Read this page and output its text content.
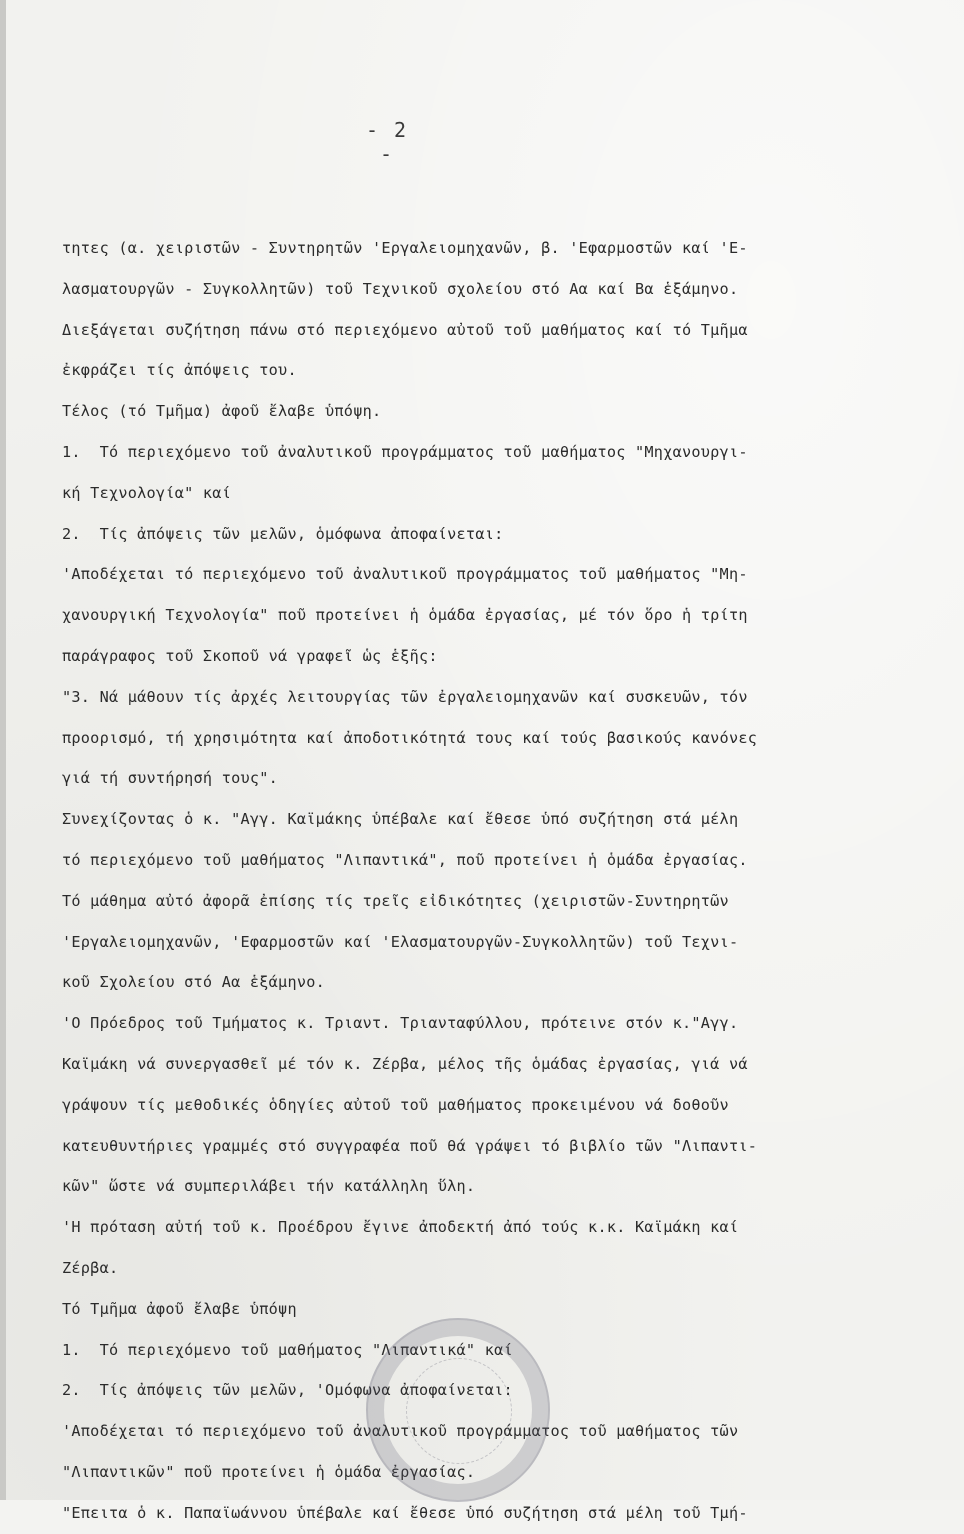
- 2 -
τητες (α. χειριστῶν - Συντηρητῶν 'Εργαλειομηχανῶν, β. 'Εφαρμοστῶν καί 'Ε-
λασματουργῶν - Συγκολλητῶν) τοῦ Τεχνικοῦ σχολείου στό Αα καί Βα ἑξάμηνο.
Διεξάγεται συζήτηση πάνω στό περιεχόμενο αὐτοῦ τοῦ μαθήματος καί τό Τμῆμα
ἐκφράζει τίς ἀπόψεις του.
Τέλος (τό Τμῆμα) ἀφοῦ ἔλαβε ὑπόψη.
1.  Τό περιεχόμενο τοῦ ἀναλυτικοῦ προγράμματος τοῦ μαθήματος "Μηχανουργι-
κή Τεχνολογία" καί
2.  Τίς ἀπόψεις τῶν μελῶν, ὁμόφωνα ἀποφαίνεται:
'Αποδέχεται τό περιεχόμενο τοῦ ἀναλυτικοῦ προγράμματος τοῦ μαθήματος "Μη-
χανουργική Τεχνολογία" ποῦ προτείνει ἡ ὁμάδα ἐργασίας, μέ τόν ὅρο ἡ τρίτη
παράγραφος τοῦ Σκοποῦ νά γραφεῖ ὡς ἑξῆς:
"3. Νά μάθουν τίς ἀρχές λειτουργίας τῶν ἐργαλειομηχανῶν καί συσκευῶν, τόν
προορισμό, τή χρησιμότητα καί ἀποδοτικότητά τους καί τούς βασικούς κανόνες
γιά τή συντήρησή τους".
Συνεχίζοντας ὁ κ. "Αγγ. Καϊμάκης ὑπέβαλε καί ἔθεσε ὑπό συζήτηση στά μέλη
τό περιεχόμενο τοῦ μαθήματος "Λιπαντικά", ποῦ προτείνει ἡ ὁμάδα ἐργασίας.
Τό μάθημα αὐτό ἀφορᾶ ἐπίσης τίς τρεῖς εἰδικότητες (χειριστῶν-Συντηρητῶν
'Εργαλειομηχανῶν, 'Εφαρμοστῶν καί 'Ελασματουργῶν-Συγκολλητῶν) τοῦ Τεχνι-
κοῦ Σχολείου στό Αα ἑξάμηνο.
'Ο Πρόεδρος τοῦ Τμήματος κ. Τριαντ. Τριανταφύλλου, πρότεινε στόν κ."Αγγ.
Καϊμάκη νά συνεργασθεῖ μέ τόν κ. Ζέρβα, μέλος τῆς ὁμάδας ἐργασίας, γιά νά
γράψουν τίς μεθοδικές ὁδηγίες αὐτοῦ τοῦ μαθήματος προκειμένου νά δοθοῦν
κατευθυντήριες γραμμές στό συγγραφέα ποῦ θά γράψει τό βιβλίο τῶν "Λιπαντι-
κῶν" ὥστε νά συμπεριλάβει τήν κατάλληλη ὕλη.
'Η πρόταση αὐτή τοῦ κ. Προέδρου ἔγινε ἀποδεκτή ἀπό τούς κ.κ. Καϊμάκη καί
Ζέρβα.
Τό Τμῆμα ἀφοῦ ἔλαβε ὑπόψη
1.  Τό περιεχόμενο τοῦ μαθήματος "Λιπαντικά" καί
2.  Τίς ἀπόψεις τῶν μελῶν, 'Ομόφωνα ἀποφαίνεται:
'Αποδέχεται τό περιεχόμενο τοῦ ἀναλυτικοῦ προγράμματος τοῦ μαθήματος τῶν
"Λιπαντικῶν" ποῦ προτείνει ἡ ὁμάδα ἐργασίας.
"Επειτα ὁ κ. Παπαϊωάννου ὑπέβαλε καί ἔθεσε ὑπό συζήτηση στά μέλη τοῦ Τμή-
